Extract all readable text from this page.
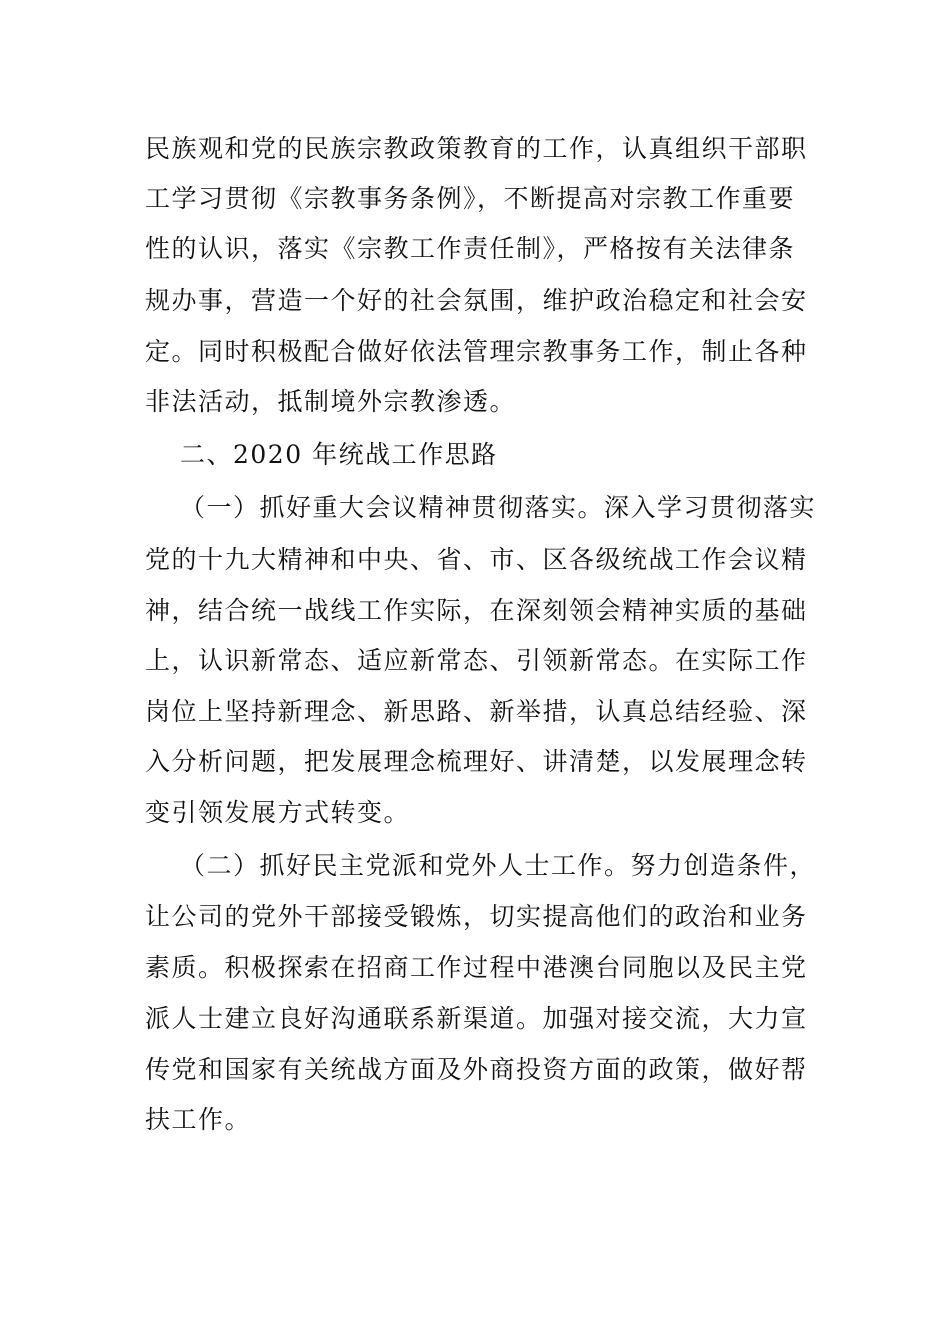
民族观和党的民族宗教政策教育的工作，认真组织干部职
工学习贯彻《宗教事务条例》，不断提高对宗教工作重要
性的认识，落实《宗教工作责任制》，严格按有关法律条
规办事，营造一个好的社会氛围，维护政治稳定和社会安
定。同时积极配合做好依法管理宗教事务工作，制止各种
非法活动，抵制境外宗教渗透。
二、2020 年统战工作思路
（一）抓好重大会议精神贯彻落实。深入学习贯彻落实
党的十九大精神和中央、省、市、区各级统战工作会议精
神，结合统一战线工作实际，在深刻领会精神实质的基础
上，认识新常态、适应新常态、引领新常态。在实际工作
岗位上坚持新理念、新思路、新举措，认真总结经验、深
入分析问题，把发展理念梳理好、讲清楚，以发展理念转
变引领发展方式转变。
（二）抓好民主党派和党外人士工作。努力创造条件，
让公司的党外干部接受锻炼，切实提高他们的政治和业务
素质。积极探索在招商工作过程中港澳台同胞以及民主党
派人士建立良好沟通联系新渠道。加强对接交流，大力宣
传党和国家有关统战方面及外商投资方面的政策，做好帮
扶工作。
